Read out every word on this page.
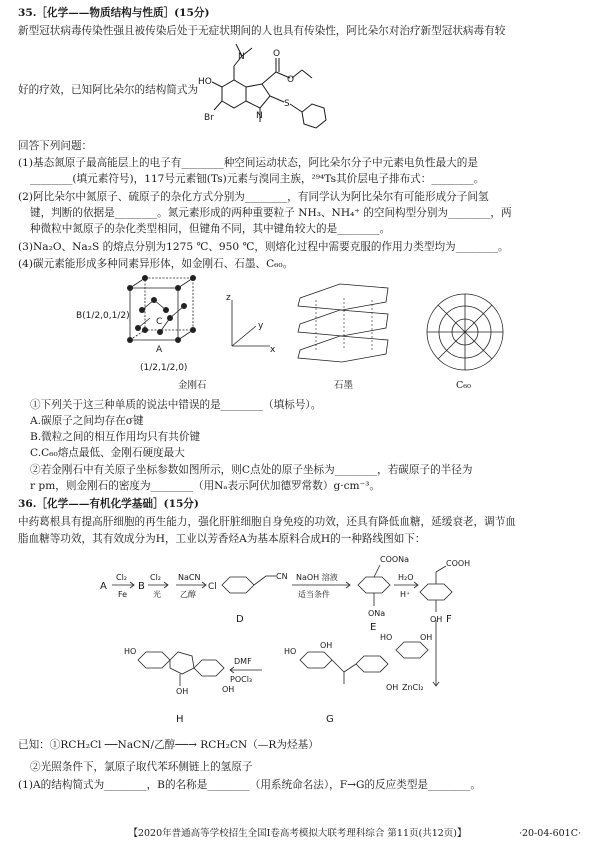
35.［化学——物质结构与性质］(15分)
新型冠状病毒传染性强且被传染后处于无症状期间的人也具有传染性，阿比朵尔对治疗新型冠状病毒有较
好的疗效，已知阿比朵尔的结构简式为
N	O
O
HO
Br	N
S
回答下列问题：
(1)基态氮原子最高能层上的电子有________种空间运动状态，阿比朵尔分子中元素电负性最大的是
________(填元素符号)，117号元素钿(Ts)元素与溴同主族，²⁹⁴Ts其价层电子排布式：________。
(2)阿比朵尔中氮原子、硫原子的杂化方式分别为________，有同学认为阿比朵尔有可能形成分子间氢
键，判断的依据是________。氮元素形成的两种重要粒子 NH₃、NH₄⁺ 的空间构型分别为________，两
种微粒中氮原子的杂化类型相同，但键角不同，其中键角较大的是________。
(3)Na₂O、Na₂S 的熔点分别为1275 ℃、950 ℃，则熔化过程中需要克服的作用力类型均为________。
(4)碳元素能形成多种同素异形体，如金刚石、石墨、C₆₀。
B(1/2,0,1/2)
C
A
(1/2,1/2,0)
z
y
x
金刚石	石墨	C₆₀
①下列关于这三种单质的说法中错误的是________（填标号）。
A.碳原子之间均存在σ键
B.微粒之间的相互作用均只有共价键
C.C₆₀熔点最低、金刚石硬度最大
②若金刚石中有关原子坐标参数如图所示，则C点处的原子坐标为________，若碳原子的半径为
r pm，则金刚石的密度为________（用Nₐ表示阿伏加德罗常数）g·cm⁻³。
36.［化学——有机化学基础］(15分)
中药葛根具有提高肝细胞的再生能力，强化肝脏细胞自身免疫的功效，还具有降低血糖，延缓衰老，调节血
脂血糖等功效，其有效成分为H，工业以芳香烃A为基本原料合成H的一种路线图如下：
A
Cl₂
Fe
B
Cl₂
光
NaCN
乙醇
Cl
CN
D
NaOH 溶液
适当条件
COONa
ONa
E
H₂O
H⁺
COOH
OH F
HO	OH
ZnCl₂
DMF
POCl₃
HO
OH
OH
G
HO
OH	OH
H
已知：①RCH₂Cl ──NaCN/乙醇──→ RCH₂CN（—R为烃基）
②光照条件下，氯原子取代苯环侧链上的氢原子
(1)A的结构简式为________，B的名称是________（用系统命名法），F→G的反应类型是________。
【2020年普通高等学校招生全国Ⅰ卷高考模拟大联考理科综合 第11页(共12页)】	·20-04-601C·
